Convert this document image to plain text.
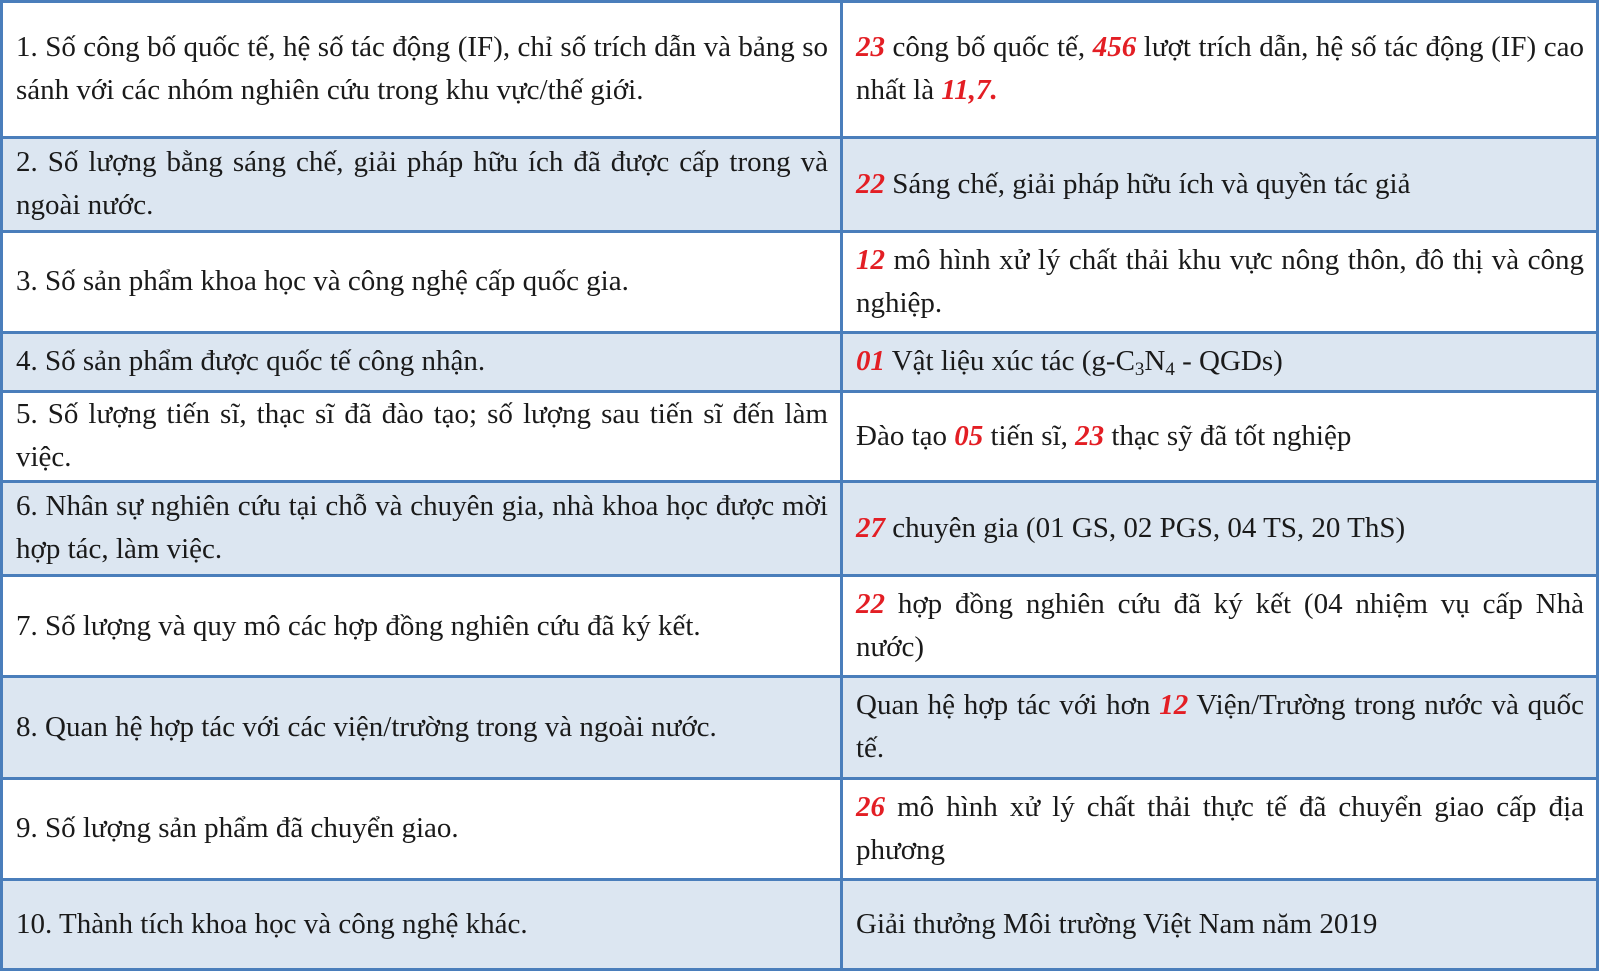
1. Số công bố quốc tế, hệ số tác động (IF), chỉ số trích dẫn và bảng so sánh với các nhóm nghiên cứu trong khu vực/thế giới.	23 công bố quốc tế, 456 lượt trích dẫn, hệ số tác động (IF) cao nhất là 11,7.
2. Số lượng bằng sáng chế, giải pháp hữu ích đã được cấp trong và ngoài nước.	22 Sáng chế, giải pháp hữu ích và quyền tác giả
3. Số sản phẩm khoa học và công nghệ cấp quốc gia.	12 mô hình xử lý chất thải khu vực nông thôn, đô thị và công nghiệp.
4. Số sản phẩm được quốc tế công nhận.	01 Vật liệu xúc tác ($g-C_3N_4$ - QGDs)
5. Số lượng tiến sĩ, thạc sĩ đã đào tạo; số lượng sau tiến sĩ đến làm việc.	Đào tạo 05 tiến sĩ, 23 thạc sỹ đã tốt nghiệp
6. Nhân sự nghiên cứu tại chỗ và chuyên gia, nhà khoa học được mời hợp tác, làm việc.	27 chuyên gia (01 GS, 02 PGS, 04 TS, 20 ThS)
7. Số lượng và quy mô các hợp đồng nghiên cứu đã ký kết.	22 hợp đồng nghiên cứu đã ký kết (04 nhiệm vụ cấp Nhà nước)
8. Quan hệ hợp tác với các viện/trường trong và ngoài nước.	Quan hệ hợp tác với hơn 12 Viện/Trường trong nước và quốc tế.
9. Số lượng sản phẩm đã chuyển giao.	26 mô hình xử lý chất thải thực tế đã chuyển giao cấp địa phương
10. Thành tích khoa học và công nghệ khác.	Giải thưởng Môi trường Việt Nam năm 2019
